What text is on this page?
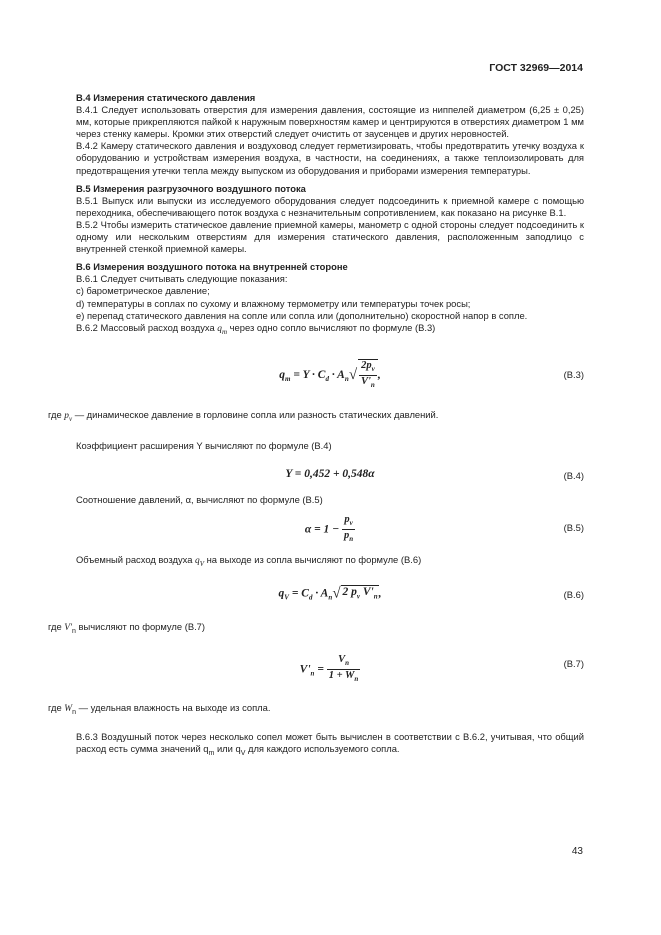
ГОСТ 32969—2014

В.4 Измерения статического давления

В.4.1 Следует использовать отверстия для измерения давления, состоящие из ниппелей диаметром (6,25 ± 0,25) мм, которые прикрепляются пайкой к наружным поверхностям камер и центрируются в отверстиях диаметром 1 мм через стенку камеры. Кромки этих отверстий следует очистить от заусенцев и других неровностей.

В.4.2 Камеру статического давления и воздуховод следует герметизировать, чтобы предотвратить утечку воздуха к оборудованию и устройствам измерения воздуха, в частности, на соединениях, а также теплоизолировать для предотвращения утечки тепла между выпуском из оборудования и приборами измерения температуры.

В.5 Измерения разгрузочного воздушного потока

В.5.1 Выпуск или выпуски из исследуемого оборудования следует подсоединить к приемной камере с помощью переходника, обеспечивающего поток воздуха с незначительным сопротивлением, как показано на рисунке В.1.

В.5.2 Чтобы измерить статическое давление приемной камеры, манометр с одной стороны следует подсоединить к одному или нескольким отверстиям для измерения статического давления, расположенным заподлицо с внутренней стенкой приемной камеры.

В.6 Измерения воздушного потока на внутренней стороне

В.6.1 Следует считывать следующие показания:

с) барометрическое давление;

d) температуры в соплах по сухому и влажному термометру или температуры точек росы;

е) перепад статического давления на сопле или сопла или (дополнительно) скоростной напор в сопле.

В.6.2 Массовый расход воздуха $q_m$ через одно сопло вычисляют по формуле (В.3)

$q_m = Y \cdot C_d \cdot A_n√ \frac{2p_v}{V'_n}$ ,	(В.3)

где $p_v$ — динамическое давление в горловине сопла или разность статических давлений.

Коэффициент расширения Y вычисляют по формуле (В.4)

Y = 0,452 + 0,548α	(В.4)

Соотношение давлений, α, вычисляют по формуле (В.5)

$\alpha = 1 - \frac{p_v}{p_n}$	(В.5)

Объемный расход воздуха $q_V$ на выходе из сопла вычисляют по формуле (В.6)

$q_V = C_d \cdot A_n√$ 2 $p_v$ $V'_n$,	(В.6)

где $V'_n$ вычисляют по формуле (В.7)

$V'_n = \frac{V_n}{1 + W_n}$	(В.7)

где $W_n$ — удельная влажность на выходе из сопла.

В.6.3 Воздушный поток через несколько сопел может быть вычислен в соответствии с В.6.2, учитывая, что общий расход есть сумма значений $q_m$ или $q_V$ для каждого используемого сопла.

43
